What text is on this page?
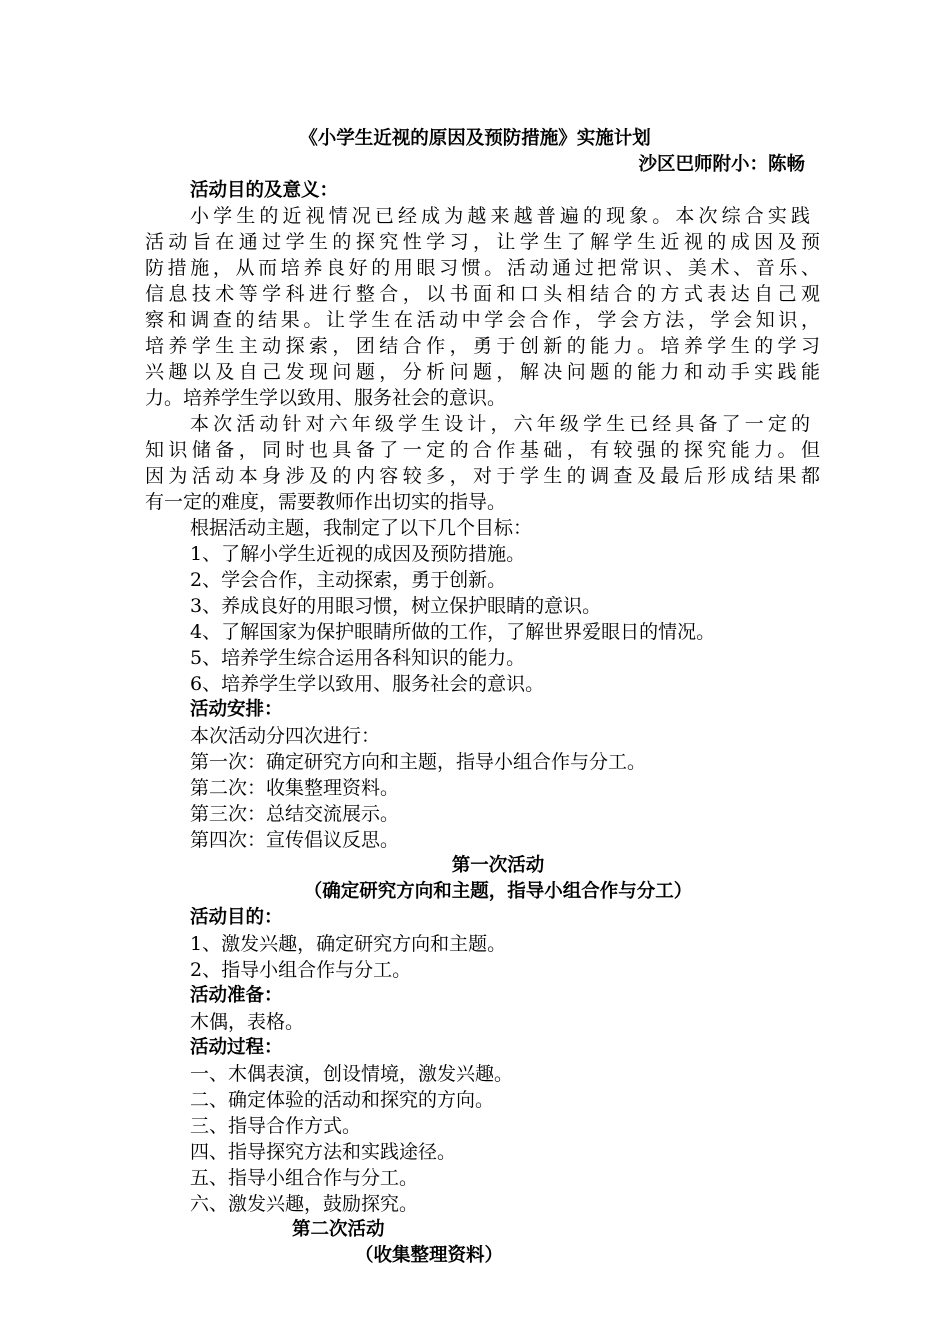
《小学生近视的原因及预防措施》实施计划
沙区巴师附小：陈畅
活动目的及意义：
小学生的近视情况已经成为越来越普遍的现象。本次综合实践
活动旨在通过学生的探究性学习，让学生了解学生近视的成因及预
防措施，从而培养良好的用眼习惯。活动通过把常识、美术、音乐、
信息技术等学科进行整合，以书面和口头相结合的方式表达自己观
察和调查的结果。让学生在活动中学会合作，学会方法，学会知识，
培养学生主动探索，团结合作，勇于创新的能力。培养学生的学习
兴趣以及自己发现问题，分析问题，解决问题的能力和动手实践能
力。培养学生学以致用、服务社会的意识。
本次活动针对六年级学生设计，六年级学生已经具备了一定的
知识储备，同时也具备了一定的合作基础，有较强的探究能力。但
因为活动本身涉及的内容较多，对于学生的调查及最后形成结果都
有一定的难度，需要教师作出切实的指导。
根据活动主题，我制定了以下几个目标：
1、了解小学生近视的成因及预防措施。
2、学会合作，主动探索，勇于创新。
3、养成良好的用眼习惯，树立保护眼睛的意识。
4、了解国家为保护眼睛所做的工作，了解世界爱眼日的情况。
5、培养学生综合运用各科知识的能力。
6、培养学生学以致用、服务社会的意识。
活动安排：
本次活动分四次进行：
第一次：确定研究方向和主题，指导小组合作与分工。
第二次：收集整理资料。
第三次：总结交流展示。
第四次：宣传倡议反思。
第一次活动
（确定研究方向和主题，指导小组合作与分工）
活动目的：
1、激发兴趣，确定研究方向和主题。
2、指导小组合作与分工。
活动准备：
木偶，表格。
活动过程：
一、木偶表演，创设情境，激发兴趣。
二、确定体验的活动和探究的方向。
三、指导合作方式。
四、指导探究方法和实践途径。
五、指导小组合作与分工。
六、激发兴趣，鼓励探究。
第二次活动
（收集整理资料）
